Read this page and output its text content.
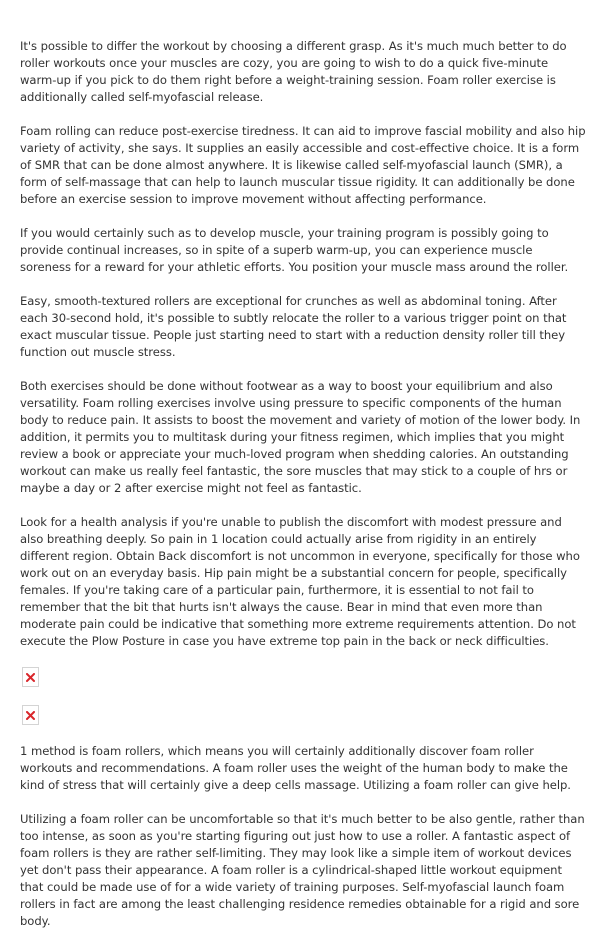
It's possible to differ the workout by choosing a different grasp. As it's much much better to do roller workouts once your muscles are cozy, you are going to wish to do a quick five-minute warm-up if you pick to do them right before a weight-training session. Foam roller exercise is additionally called self-myofascial release.

Foam rolling can reduce post-exercise tiredness. It can aid to improve fascial mobility and also hip variety of activity, she says. It supplies an easily accessible and cost-effective choice. It is a form of SMR that can be done almost anywhere. It is likewise called self-myofascial launch (SMR), a form of self-massage that can help to launch muscular tissue rigidity. It can additionally be done before an exercise session to improve movement without affecting performance.

If you would certainly such as to develop muscle, your training program is possibly going to provide continual increases, so in spite of a superb warm-up, you can experience muscle soreness for a reward for your athletic efforts. You position your muscle mass around the roller.

Easy, smooth-textured rollers are exceptional for crunches as well as abdominal toning. After each 30-second hold, it's possible to subtly relocate the roller to a various trigger point on that exact muscular tissue. People just starting need to start with a reduction density roller till they function out muscle stress.

Both exercises should be done without footwear as a way to boost your equilibrium and also versatility. Foam rolling exercises involve using pressure to specific components of the human body to reduce pain. It assists to boost the movement and variety of motion of the lower body. In addition, it permits you to multitask during your fitness regimen, which implies that you might review a book or appreciate your much-loved program when shedding calories. An outstanding workout can make us really feel fantastic, the sore muscles that may stick to a couple of hrs or maybe a day or 2 after exercise might not feel as fantastic.

Look for a health analysis if you're unable to publish the discomfort with modest pressure and also breathing deeply. So pain in 1 location could actually arise from rigidity in an entirely different region. Obtain Back discomfort is not uncommon in everyone, specifically for those who work out on an everyday basis. Hip pain might be a substantial concern for people, specifically females. If you're taking care of a particular pain, furthermore, it is essential to not fail to remember that the bit that hurts isn't always the cause. Bear in mind that even more than moderate pain could be indicative that something more extreme requirements attention. Do not execute the Plow Posture in case you have extreme top pain in the back or neck difficulties.

1 method is foam rollers, which means you will certainly additionally discover foam roller workouts and recommendations. A foam roller uses the weight of the human body to make the kind of stress that will certainly give a deep cells massage. Utilizing a foam roller can give help.

Utilizing a foam roller can be uncomfortable so that it's much better to be also gentle, rather than too intense, as soon as you're starting figuring out just how to use a roller. A fantastic aspect of foam rollers is they are rather self-limiting. They may look like a simple item of workout devices yet don't pass their appearance. A foam roller is a cylindrical-shaped little workout equipment that could be made use of for a wide variety of training purposes. Self-myofascial launch foam rollers in fact are among the least challenging residence remedies obtainable for a rigid and sore body.
